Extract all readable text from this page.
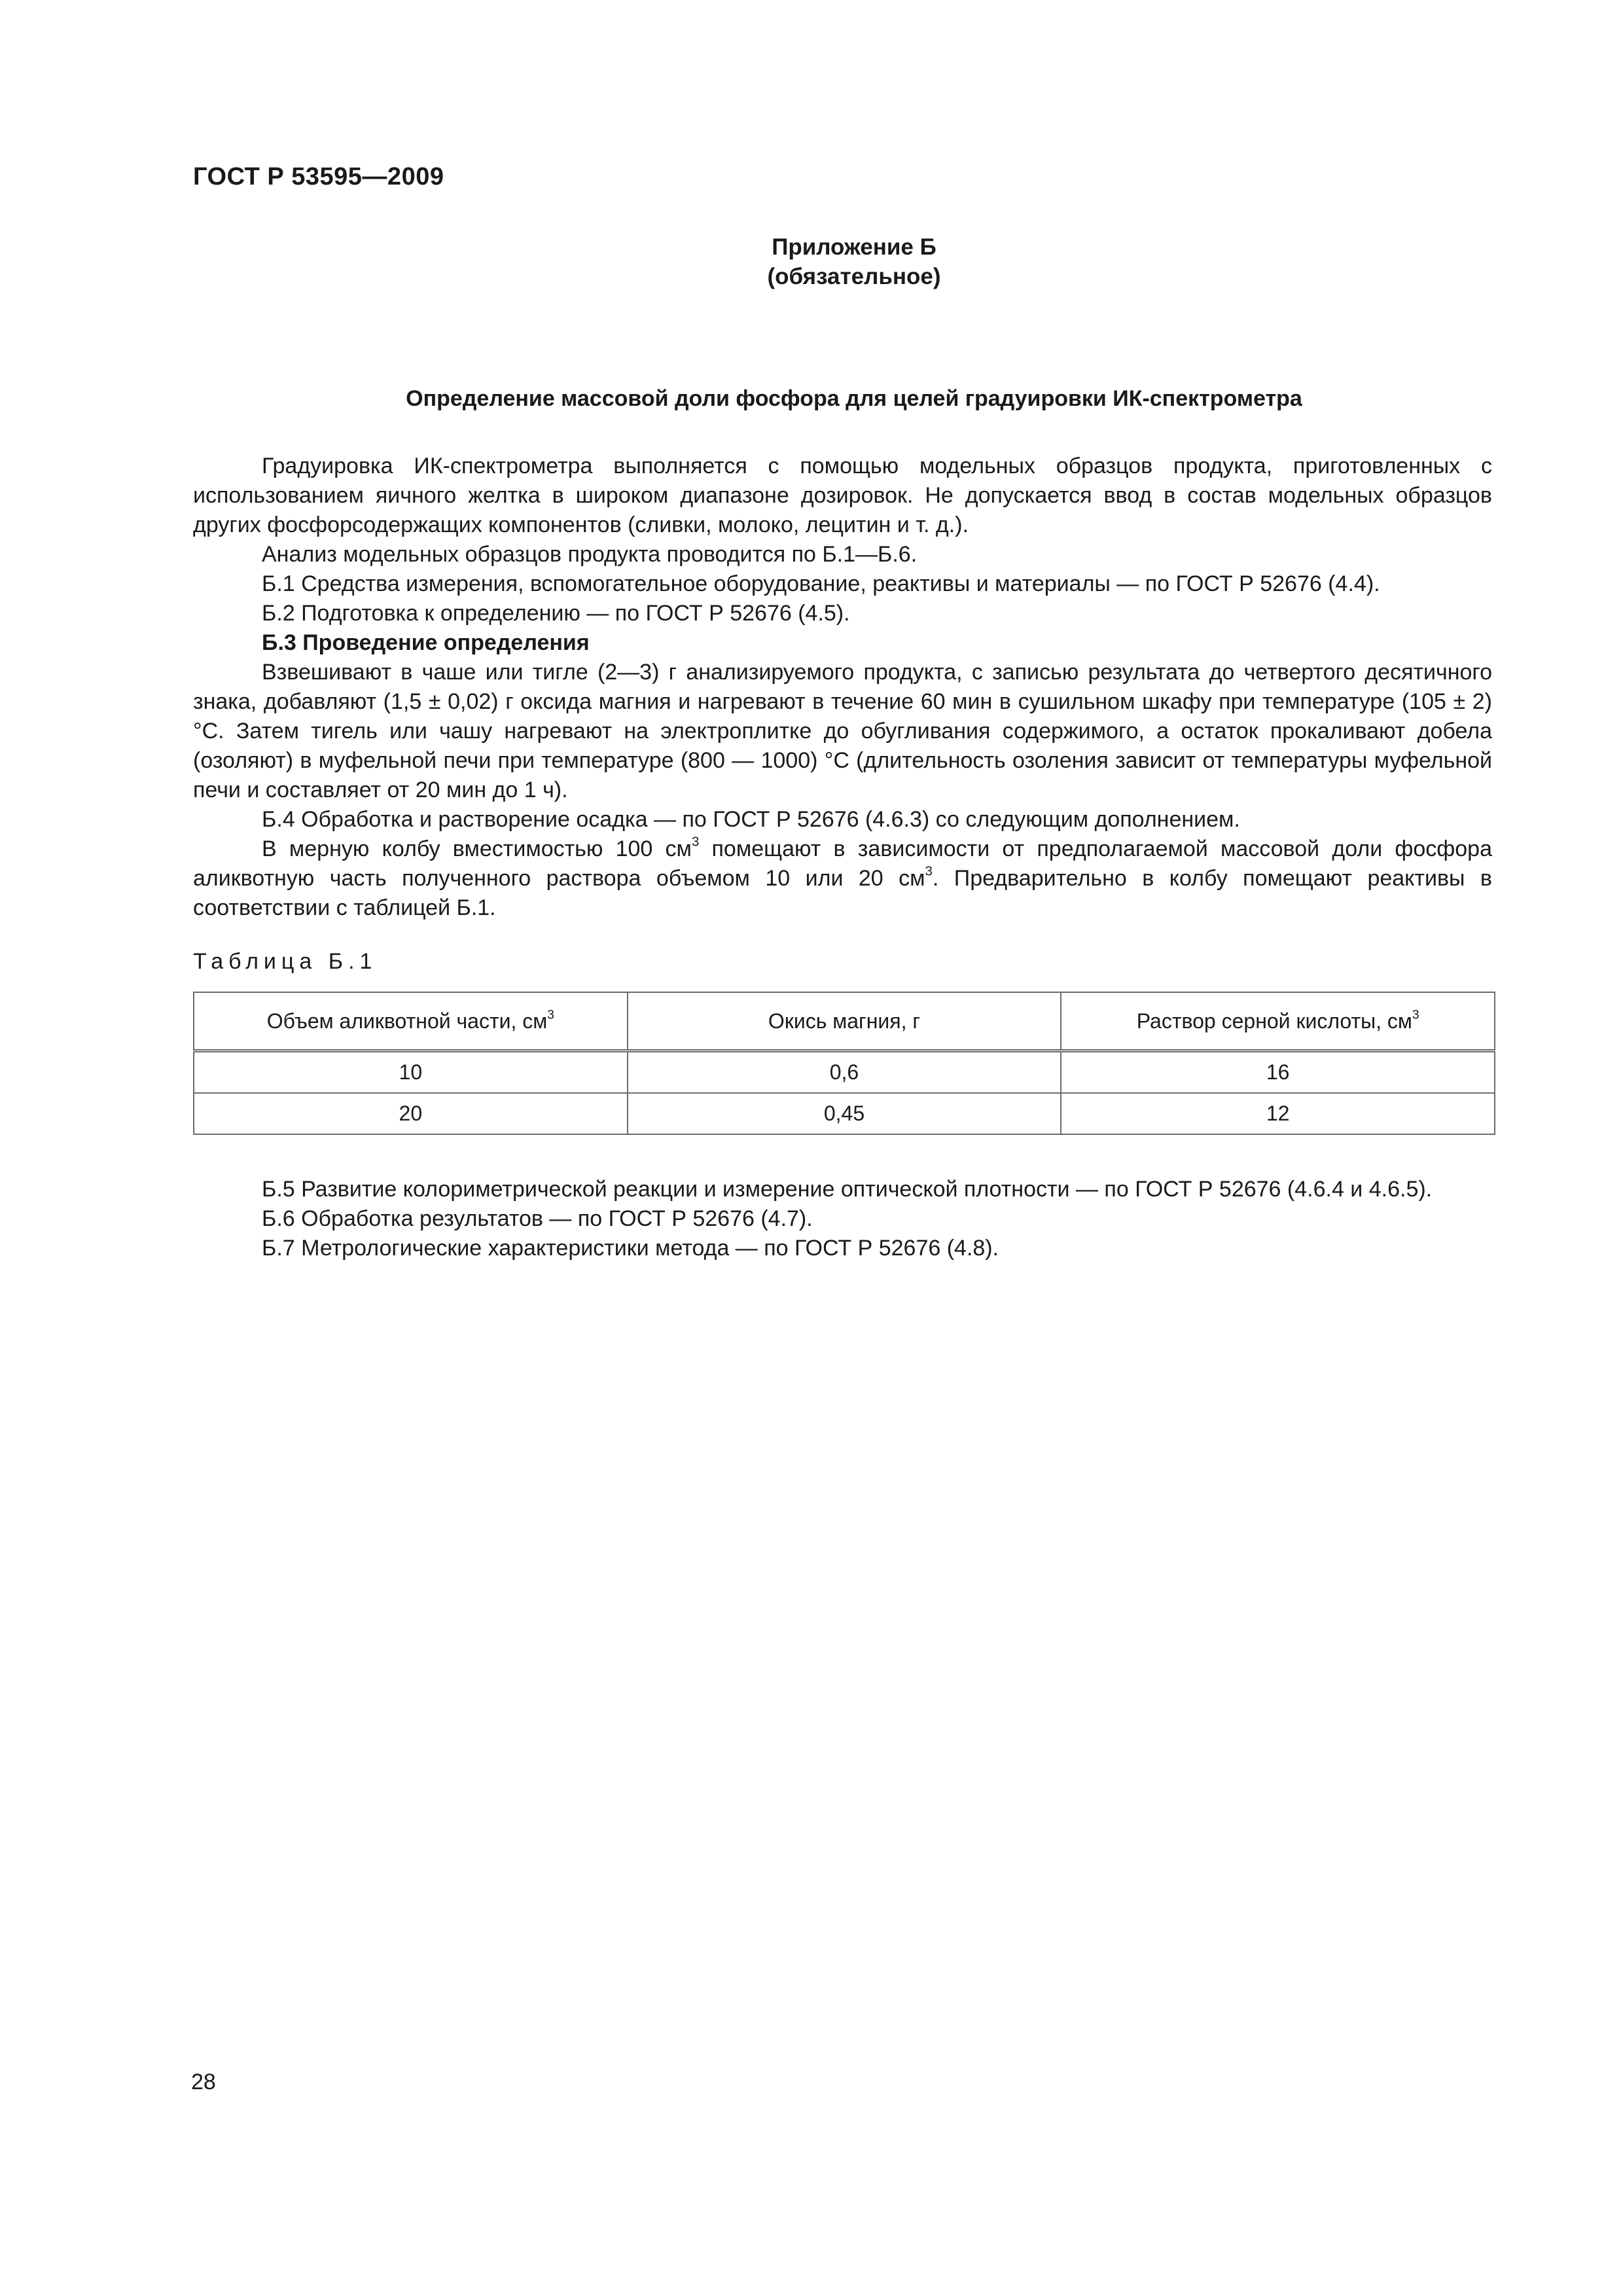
ГОСТ Р 53595—2009
Приложение Б
(обязательное)
Определение массовой доли фосфора для целей градуировки ИК-спектрометра

Градуировка ИК-спектрометра выполняется с помощью модельных образцов продукта, приготовленных с использованием яичного желтка в широком диапазоне дозировок. Не допускается ввод в состав модельных образцов других фосфорсодержащих компонентов (сливки, молоко, лецитин и т. д.).

Анализ модельных образцов продукта проводится по Б.1—Б.6.

Б.1 Средства измерения, вспомогательное оборудование, реактивы и материалы — по ГОСТ Р 52676 (4.4).

Б.2 Подготовка к определению — по ГОСТ Р 52676 (4.5).

Б.3 Проведение определения

Взвешивают в чаше или тигле (2—3) г анализируемого продукта, с записью результата до четвертого десятичного знака, добавляют (1,5 ± 0,02) г оксида магния и нагревают в течение 60 мин в сушильном шкафу при температуре (105 ± 2) °С. Затем тигель или чашу нагревают на электроплитке до обугливания содержимого, а остаток прокаливают добела (озоляют) в муфельной печи при температуре (800 — 1000) °С (длительность озоления зависит от температуры муфельной печи и составляет от 20 мин до 1 ч).

Б.4 Обработка и растворение осадка — по ГОСТ Р 52676 (4.6.3) со следующим дополнением.

В мерную колбу вместимостью 100 $см^3$ помещают в зависимости от предполагаемой массовой доли фосфора аликвотную часть полученного раствора объемом 10 или 20 $см^3$. Предварительно в колбу помещают реактивы в соответствии с таблицей Б.1.

Таблица Б.1
Объем аликвотной части, $см^3$	Окись магния, г	Раствор серной кислоты, $см^3$
10	0,6	16
20	0,45	12

Б.5 Развитие колориметрической реакции и измерение оптической плотности — по ГОСТ Р 52676 (4.6.4 и 4.6.5).

Б.6 Обработка результатов — по ГОСТ Р 52676 (4.7).

Б.7 Метрологические характеристики метода — по ГОСТ Р 52676 (4.8).

28
